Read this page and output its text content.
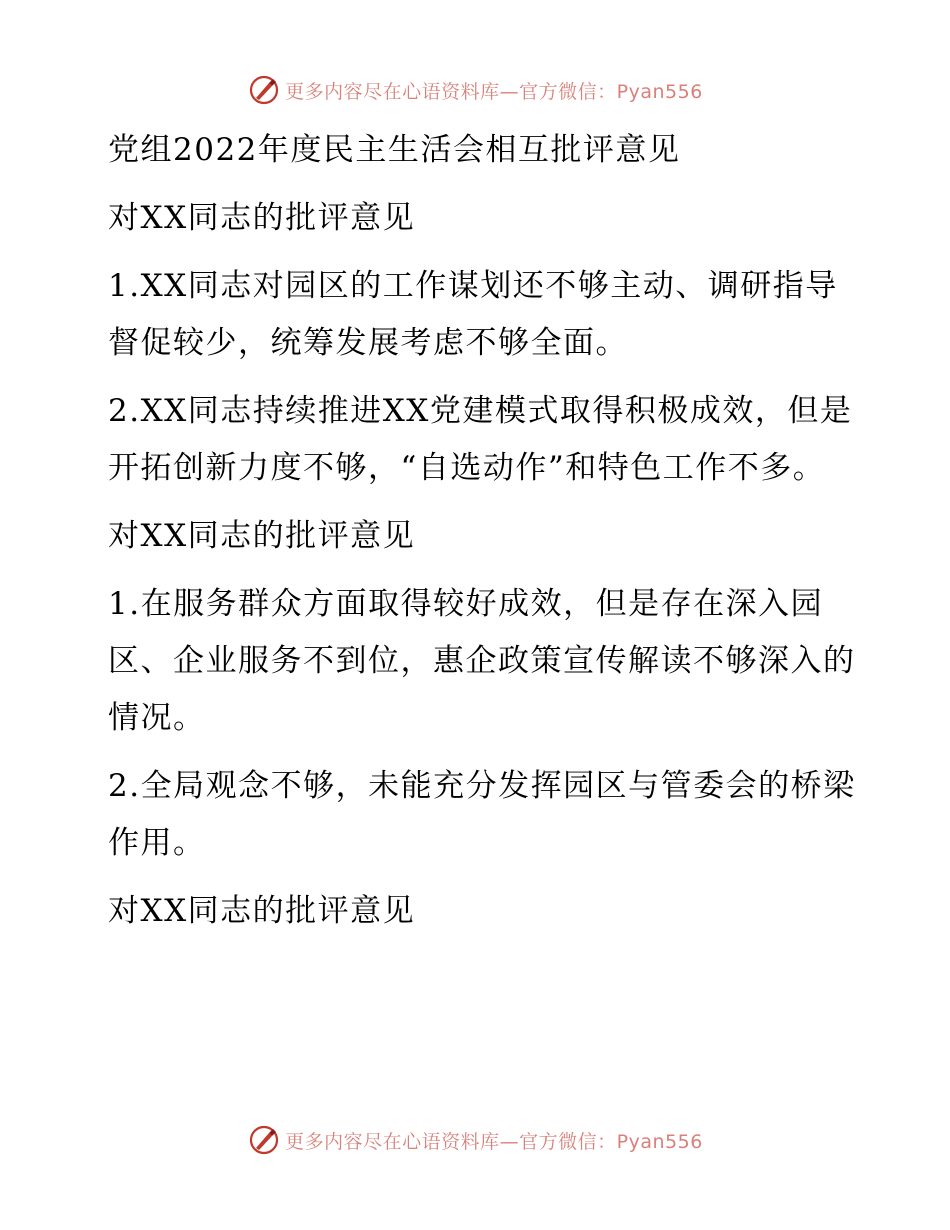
更多内容尽在心语资料库—官方微信：Pyan556

党组2022年度民主生活会相互批评意见

对XX同志的批评意见

1.XX同志对园区的工作谋划还不够主动、调研指导督促较少，统筹发展考虑不够全面。

2.XX同志持续推进XX党建模式取得积极成效，但是开拓创新力度不够，“自选动作”和特色工作不多。

对XX同志的批评意见

1.在服务群众方面取得较好成效，但是存在深入园区、企业服务不到位，惠企政策宣传解读不够深入的情况。

2.全局观念不够，未能充分发挥园区与管委会的桥梁作用。

对XX同志的批评意见

更多内容尽在心语资料库—官方微信：Pyan556
